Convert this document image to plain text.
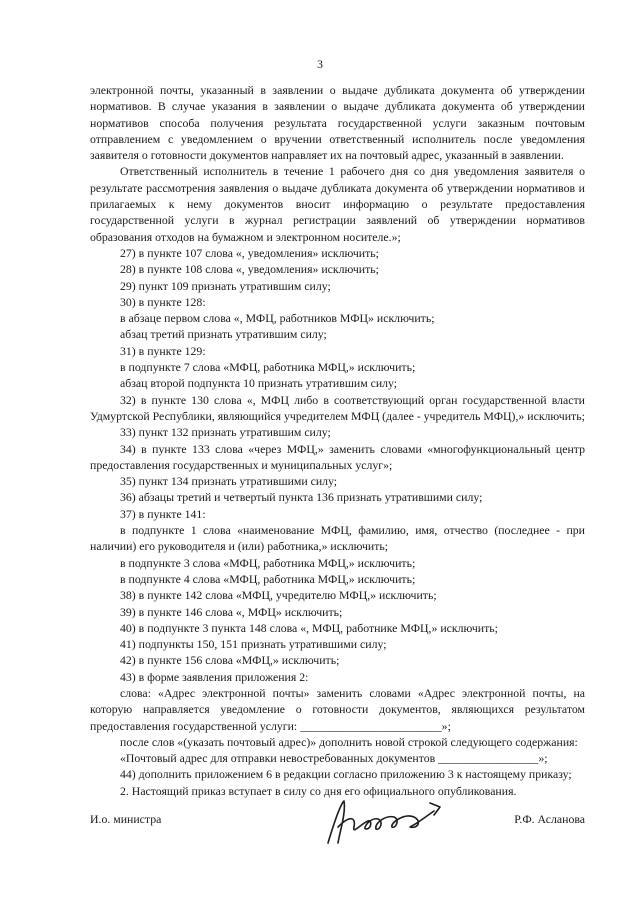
3
электронной почты, указанный в заявлении о выдаче дубликата документа об утверждении
нормативов. В случае указания в заявлении о выдаче дубликата документа об утверждении
нормативов способа получения результата государственной услуги заказным почтовым
отправлением с уведомлением о вручении ответственный исполнитель после уведомления
заявителя о готовности документов направляет их на почтовый адрес, указанный в заявлении.
Ответственный исполнитель в течение 1 рабочего дня со дня уведомления заявителя о результате рассмотрения заявления о выдаче дубликата документа об утверждении нормативов и прилагаемых к нему документов вносит информацию о результате предоставления государственной услуги в журнал регистрации заявлений об утверждении нормативов образования отходов на бумажном и электронном носителе.»;
27) в пункте 107 слова «, уведомления» исключить;
28) в пункте 108 слова «, уведомления» исключить;
29) пункт 109 признать утратившим силу;
30) в пункте 128:
в абзаце первом слова «, МФЦ, работников МФЦ» исключить;
абзац третий признать утратившим силу;
31) в пункте 129:
в подпункте 7 слова «МФЦ, работника МФЦ,» исключить;
абзац второй подпункта 10 признать утратившим силу;
32) в пункте 130 слова «, МФЦ либо в соответствующий орган государственной власти Удмуртской Республики, являющийся учредителем МФЦ (далее - учредитель МФЦ),» исключить;
33) пункт 132 признать утратившим силу;
34) в пункте 133 слова «через МФЦ,» заменить словами «многофункциональный центр предоставления государственных и муниципальных услуг»;
35) пункт 134 признать утратившими силу;
36) абзацы третий и четвертый пункта 136 признать утратившими силу;
37) в пункте 141:
в подпункте 1 слова «наименование МФЦ, фамилию, имя, отчество (последнее - при наличии) его руководителя и (или) работника,» исключить;
в подпункте 3 слова «МФЦ, работника МФЦ,» исключить;
в подпункте 4 слова «МФЦ, работника МФЦ,» исключить;
38) в пункте 142 слова «МФЦ, учредителю МФЦ,» исключить;
39) в пункте 146 слова «, МФЦ» исключить;
40) в подпункте 3 пункта 148 слова «, МФЦ, работнике МФЦ,» исключить;
41) подпункты 150, 151 признать утратившими силу;
42) в пункте 156 слова «МФЦ,» исключить;
43) в форме заявления приложения 2:
слова: «Адрес электронной почты» заменить словами «Адрес электронной почты, на которую направляется уведомление о готовности документов, являющихся результатом предоставления государственной услуги: ________________________»;
после слов «(указать почтовый адрес)» дополнить новой строкой следующего содержания:
«Почтовый адрес для отправки невостребованных документов _________________»;
44) дополнить приложением 6 в редакции согласно приложению 3 к настоящему приказу;
2. Настоящий приказ вступает в силу со дня его официального опубликования.
И.о. министра	Р.Ф. Асланова
